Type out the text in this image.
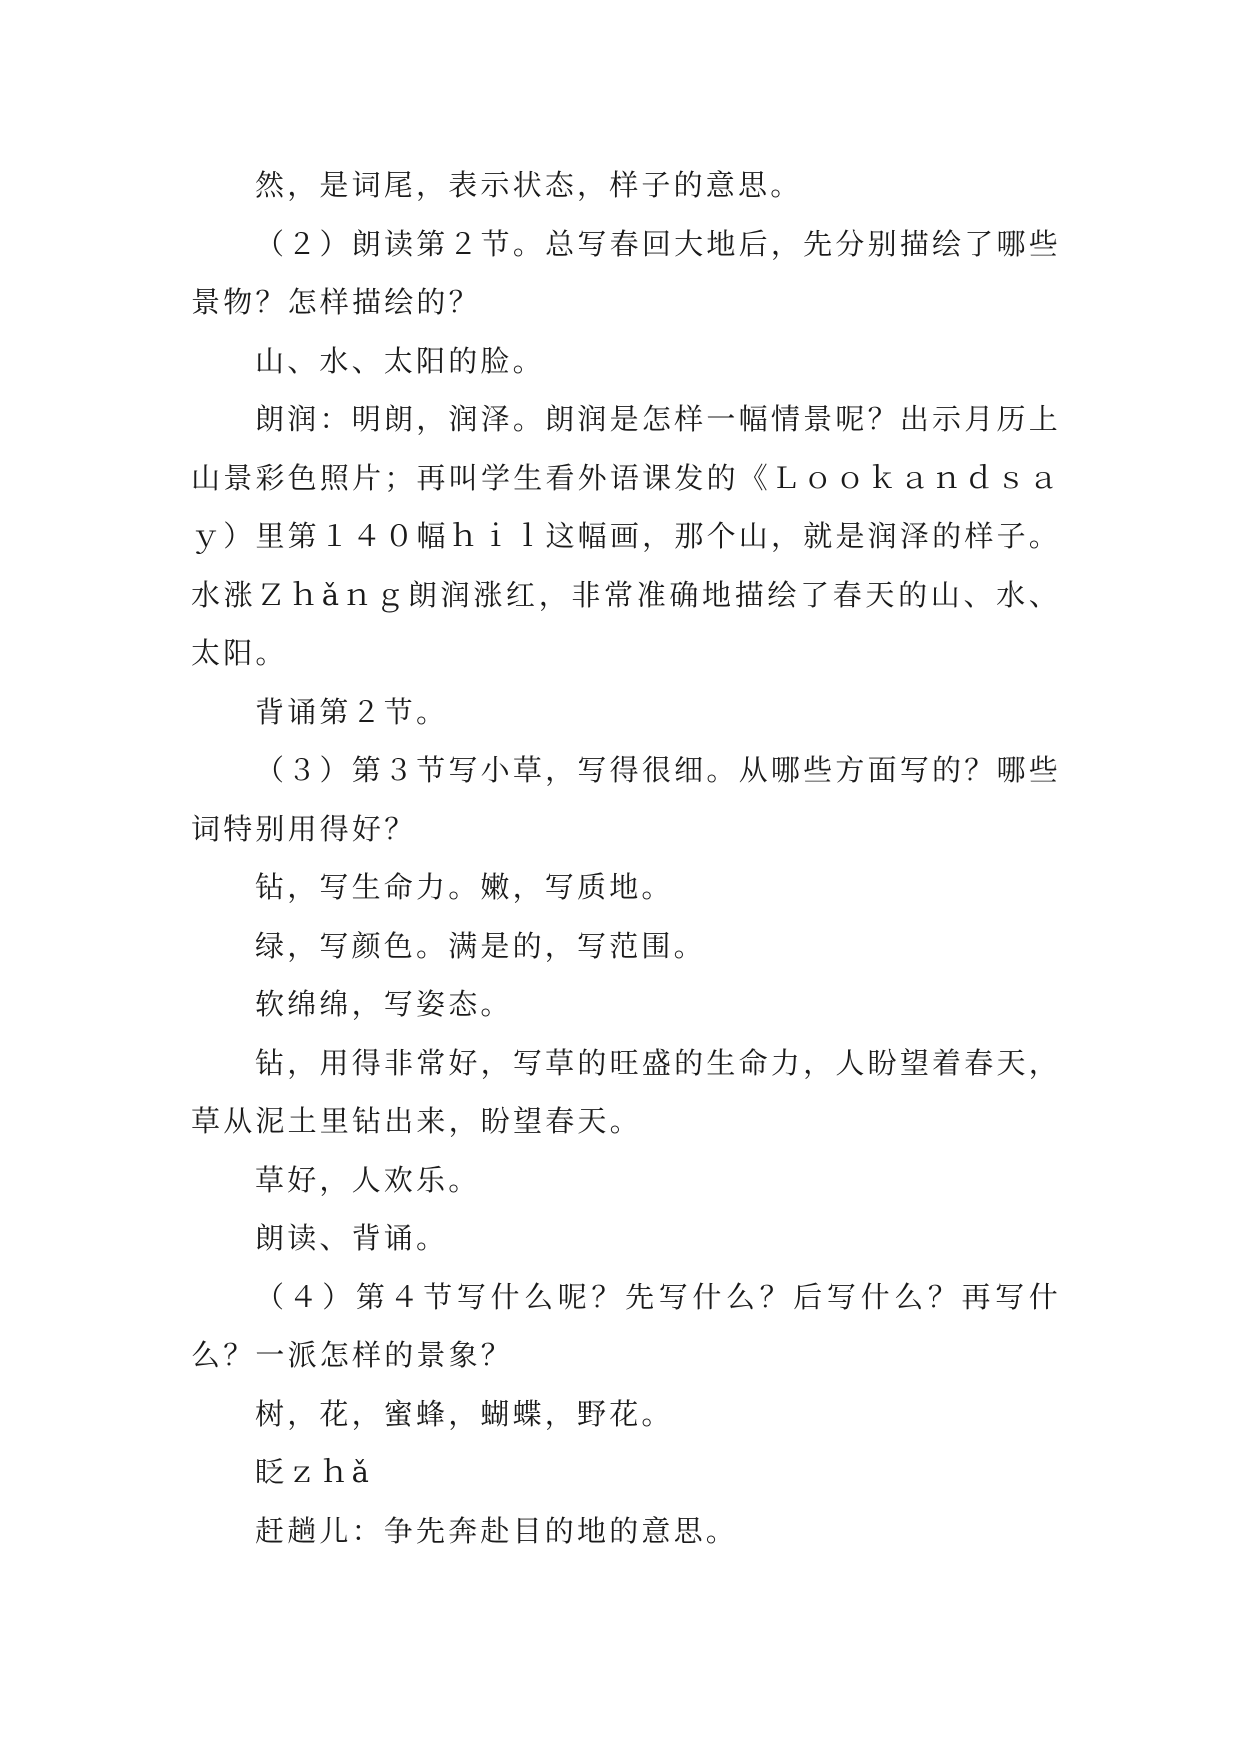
然，是词尾，表示状态，样子的意思。

（２）朗读第２节。总写春回大地后，先分别描绘了哪些景物？怎样描绘的？

山、水、太阳的脸。

朗润：明朗，润泽。朗润是怎样一幅情景呢？出示月历上山景彩色照片；再叫学生看外语课发的《Ｌｏｏｋａｎｄｓａｙ）里第１４０幅ｈｉｌ这幅画，那个山，就是润泽的样子。水涨Ｚｈǎｎｇ朗润涨红，非常准确地描绘了春天的山、水、太阳。

背诵第２节。

（３）第３节写小草，写得很细。从哪些方面写的？哪些词特别用得好？

钻，写生命力。嫩，写质地。

绿，写颜色。满是的，写范围。

软绵绵，写姿态。

钻，用得非常好，写草的旺盛的生命力，人盼望着春天，草从泥土里钻出来，盼望春天。

草好，人欢乐。

朗读、背诵。

（４）第４节写什么呢？先写什么？后写什么？再写什么？一派怎样的景象？

树，花，蜜蜂，蝴蝶，野花。

眨ｚｈǎ

赶趟儿：争先奔赴目的地的意思。
